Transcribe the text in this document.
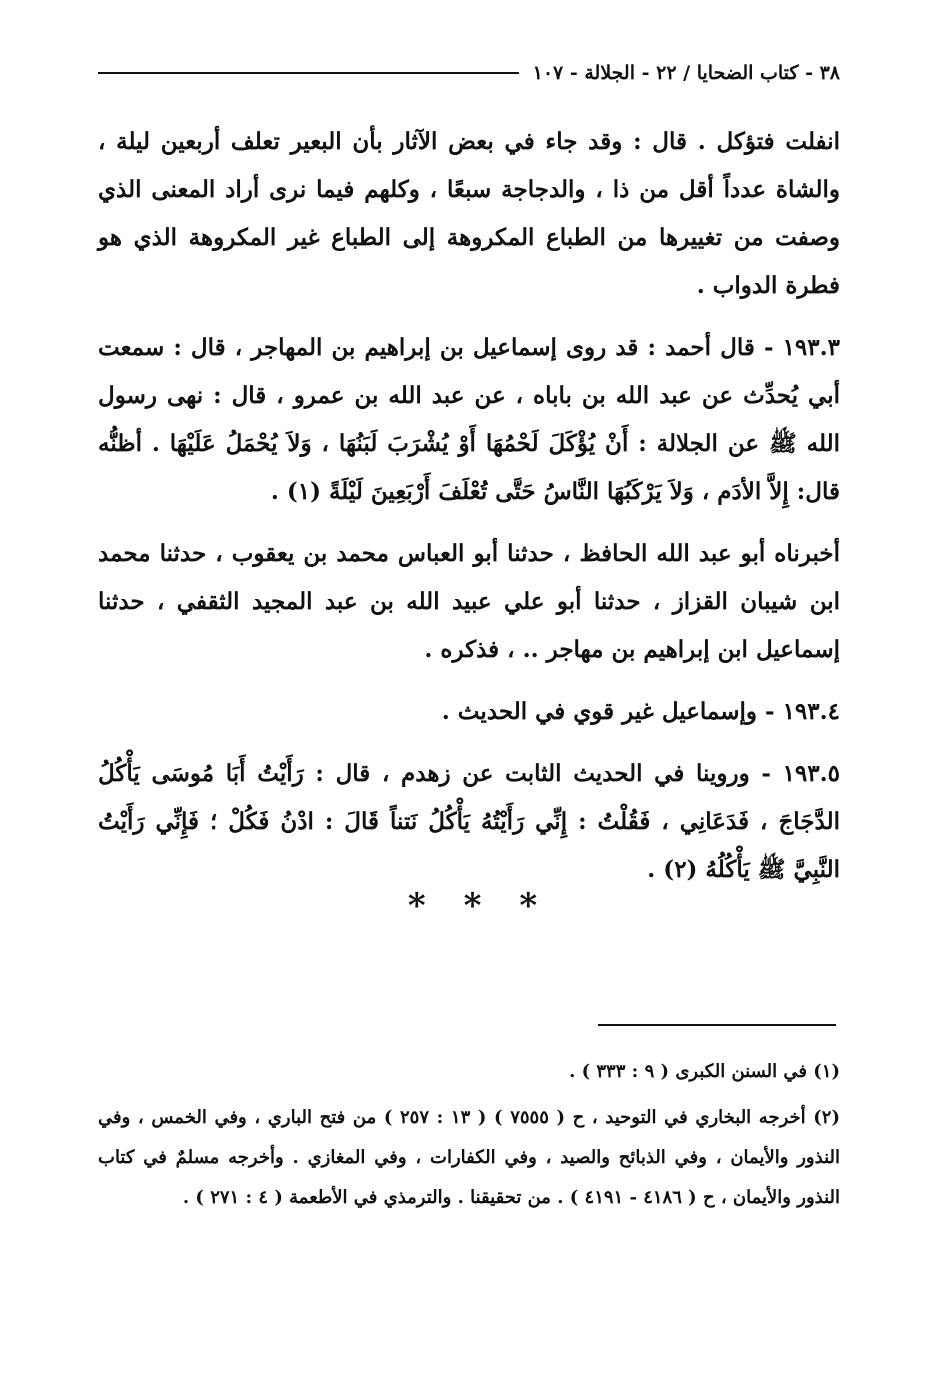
٣٨ - كتاب الضحايا / ٢٢ - الجلالة - ١٠٧

انفلت فتؤكل . قال : وقد جاء في بعض الآثار بأن البعير تعلف أربعين ليلة ، والشاة عدداً أقل من ذا ، والدجاجة سبعًا ، وكلهم فيما نرى أراد المعنى الذي وصفت من تغييرها من الطباع المكروهة إلى الطباع غير المكروهة الذي هو فطرة الدواب .

١٩٣.٣ - قال أحمد : قد روى إسماعيل بن إبراهيم بن المهاجر ، قال : سمعت أبي يُحدِّث عن عبد الله بن باباه ، عن عبد الله بن عمرو ، قال : نهى رسول الله ﷺ عن الجلالة : أَنْ يُؤْكَلَ لَحْمُهَا أَوْ يُشْرَبَ لَبَنُهَا ، وَلاَ يُحْمَلُ عَلَيْهَا . أظنُّه قال: إِلاَّ الأدَم ، وَلاَ يَرْكَبُهَا النَّاسُ حَتَّى تُعْلَفَ أَرْبَعِينَ لَيْلَةً (١) .

أخبرناه أبو عبد الله الحافظ ، حدثنا أبو العباس محمد بن يعقوب ، حدثنا محمد ابن شيبان القزاز ، حدثنا أبو علي عبيد الله بن عبد المجيد الثقفي ، حدثنا إسماعيل ابن إبراهيم بن مهاجر .. ، فذكره .

١٩٣.٤ - وإسماعيل غير قوي في الحديث .

١٩٣.٥ - وروينا في الحديث الثابت عن زهدم ، قال : رَأَيْتُ أَبَا مُوسَى يَأْكُلُ الدَّجَاجَ ، فَدَعَانِي ، فَقُلْتُ : إِنِّي رَأَيْتُهُ يَأْكُلُ نَتناً قَالَ : ادْنُ فَكُلْ ؛ فَإِنِّي رَأَيْتُ النَّبِيَّ ﷺ يَأْكُلُهُ (٢) .

***

(١) في السنن الكبرى ( ٩ : ٣٣٣ ) .

(٢) أخرجه البخاري في التوحيد ، ح ( ٧٥٥٥ ) ( ١٣ : ٢٥٧ ) من فتح الباري ، وفي الخمس ، وفي النذور والأيمان ، وفي الذبائح والصيد ، وفي الكفارات ، وفي المغازي . وأخرجه مسلمٌ في كتاب النذور والأيمان ، ح ( ٤١٨٦ - ٤١٩١ ) . من تحقيقنا . والترمذي في الأطعمة ( ٤ : ٢٧١ ) .
